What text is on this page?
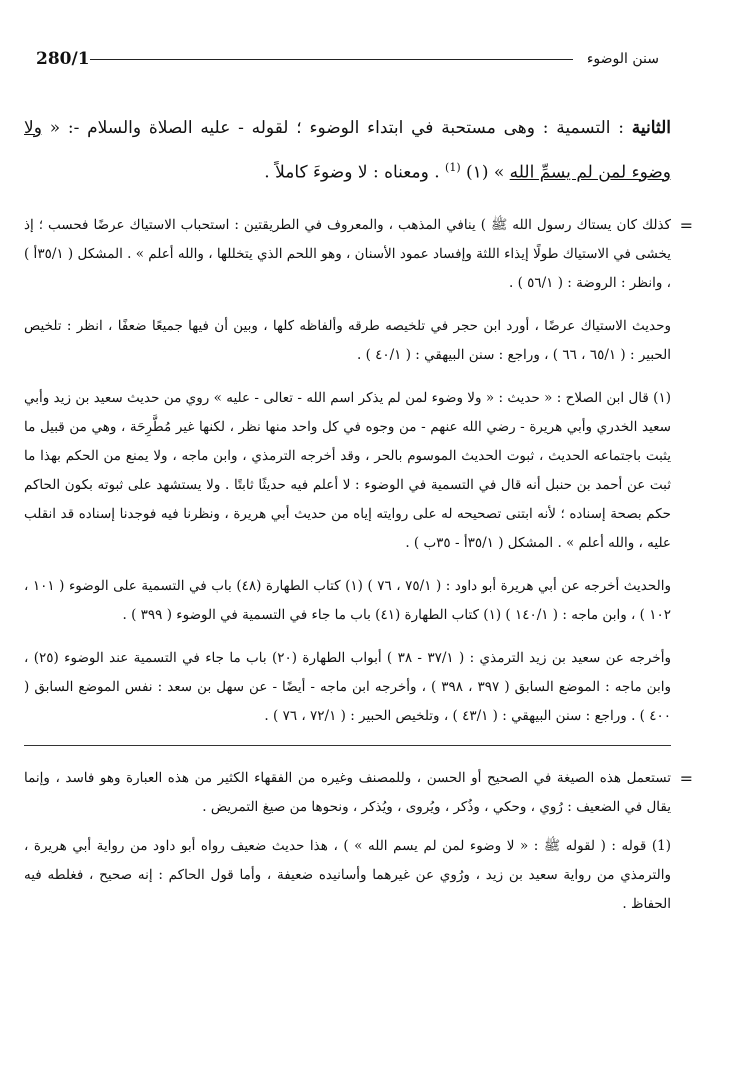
280/1	سنن الوضوء

الثانية : التسمية : وهى مستحبة في ابتداء الوضوء ؛ لقوله - عليه الصلاة والسلام -: « ولا وضوء لمن لم يسمِّ الله » (١) $^{(1)}$ . ومعناه : لا وضوءَ كاملاً .

=
كذلك كان يستاك رسول الله ﷺ ) ينافي المذهب ، والمعروف في الطريقتين : استحباب الاستياك عرضًا فحسب ؛ إذ يخشى في الاستياك طولًا إيذاء اللثة وإفساد عمود الأسنان ، وهو اللحم الذي يتخللها ، والله أعلم » . المشكل ( ٣٥/١أ ) ، وانظر : الروضة : ( ٥٦/١ ) .

وحديث الاستياك عرضًا ، أورد ابن حجر في تلخيصه طرقه وألفاظه كلها ، وبين أن فيها جميعًا ضعفًا ، انظر : تلخيص الحبير : ( ٦٥/١ ، ٦٦ ) ، وراجع : سنن البيهقي : ( ٤٠/١ ) .

(١) قال ابن الصلاح : « حديث : « ولا وضوء لمن لم يذكر اسم الله - تعالى - عليه » روي من حديث سعيد بن زيد وأبي سعيد الخدري وأبي هريرة - رضي الله عنهم - من وجوه في كل واحد منها نظر ، لكنها غير مُطَّرِحَة ، وهي من قبيل ما يثبت باجتماعه الحديث ، ثبوت الحديث الموسوم بالحر ، وقد أخرجه الترمذي ، وابن ماجه ، ولا يمنع من الحكم بهذا ما ثبت عن أحمد بن حنبل أنه قال في التسمية في الوضوء : لا أعلم فيه حديثًا ثابتًا . ولا يستشهد على ثبوته بكون الحاكم حكم بصحة إسناده ؛ لأنه ابتنى تصحيحه له على روايته إياه من حديث أبي هريرة ، ونظرنا فيه فوجدنا إسناده قد انقلب عليه ، والله أعلم » . المشكل ( ٣٥/١أ - ٣٥ب ) .

والحديث أخرجه عن أبي هريرة أبو داود : ( ٧٥/١ ، ٧٦ ) (١) كتاب الطهارة (٤٨) باب في التسمية على الوضوء ( ١٠١ ، ١٠٢ ) ، وابن ماجه : ( ١٤٠/١ ) (١) كتاب الطهارة (٤١) باب ما جاء في التسمية في الوضوء ( ٣٩٩ ) .

وأخرجه عن سعيد بن زيد الترمذي : ( ٣٧/١ - ٣٨ ) أبواب الطهارة (٢٠) باب ما جاء في التسمية عند الوضوء (٢٥) ، وابن ماجه : الموضع السابق ( ٣٩٧ ، ٣٩٨ ) ، وأخرجه ابن ماجه - أيضًا - عن سهل بن سعد : نفس الموضع السابق ( ٤٠٠ ) . وراجع : سنن البيهقي : ( ٤٣/١ ) ، وتلخيص الحبير : ( ٧٢/١ ، ٧٦ ) .

=
تستعمل هذه الصيغة في الصحيح أو الحسن ، وللمصنف وغيره من الفقهاء الكثير من هذه العبارة وهو فاسد ، وإنما يقال في الضعيف : رُوي ، وحكي ، وذُكر ، ويُروى ، ويُذكر ، ونحوها من صيغ التمريض .

(1) قوله : ( لقوله ﷺ : « لا وضوء لمن لم يسم الله » ) ، هذا حديث ضعيف رواه أبو داود من رواية أبي هريرة ، والترمذي من رواية سعيد بن زيد ، ورُوي عن غيرهما وأسانيده ضعيفة ، وأما قول الحاكم : إنه صحيح ، فغلطه فيه الحفاظ .
